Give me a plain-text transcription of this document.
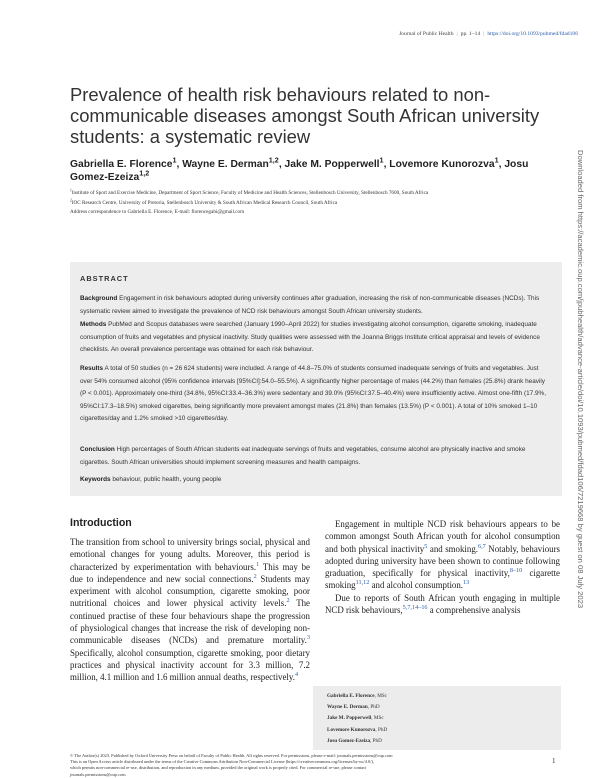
Journal of Public Health | pp. 1–14 | https://doi.org/10.1093/pubmed/fdad106
Prevalence of health risk behaviours related to non-communicable diseases amongst South African university students: a systematic review
Gabriella E. Florence$^1$, Wayne E. Derman$^{1,2}$, Jake M. Popperwell$^1$, Lovemore Kunorozva$^1$, Josu Gomez-Ezeiza$^{1,2}$
$^1$Institute of Sport and Exercise Medicine, Department of Sport Science, Faculty of Medicine and Health Sciences, Stellenbosch University, Stellenbosch 7600, South Africa
$^2$IOC Research Centre, University of Pretoria, Stellenbosch University & South African Medical Research Council, South Africa
Address correspondence to Gabriella E. Florence, E-mail: florencegabi@gmail.com	Downloaded from https://academic.oup.com/jpubhealth/advance-article/doi/10.1093/pubmed/fdad106/7219668 by guest on 08 July 2023
ABSTRACT
Background Engagement in risk behaviours adopted during university continues after graduation, increasing the risk of non-communicable diseases (NCDs). This systematic review aimed to investigate the prevalence of NCD risk behaviours amongst South African university students.
Methods PubMed and Scopus databases were searched (January 1990–April 2022) for studies investigating alcohol consumption, cigarette smoking, inadequate consumption of fruits and vegetables and physical inactivity. Study qualities were assessed with the Joanna Briggs Institute critical appraisal and levels of evidence checklists. An overall prevalence percentage was obtained for each risk behaviour.
Results A total of 50 studies (n = 26 624 students) were included. A range of 44.8–75.0% of students consumed inadequate servings of fruits and vegetables. Just over 54% consumed alcohol (95% confidence intervals [95%CI]:54.0–55.5%). A significantly higher percentage of males (44.2%) than females (25.8%) drank heavily (P < 0.001). Approximately one-third (34.8%, 95%CI:33.4–36.3%) were sedentary and 39.0% (95%CI:37.5–40.4%) were insufficiently active. Almost one-fifth (17.9%, 95%CI:17.3–18.5%) smoked cigarettes, being significantly more prevalent amongst males (21.8%) than females (13.5%) (P < 0.001). A total of 10% smoked 1–10 cigarettes/day and 1.2% smoked >10 cigarettes/day.
Conclusion High percentages of South African students eat inadequate servings of fruits and vegetables, consume alcohol are physically inactive and smoke cigarettes. South African universities should implement screening measures and health campaigns.
Keywords behaviour, public health, young people
Introduction
The transition from school to university brings social, physical and emotional changes for young adults. Moreover, this period is characterized by experimentation with behaviours.$^1$ This may be due to independence and new social connections.$^2$ Students may experiment with alcohol consumption, cigarette smoking, poor nutritional choices and lower physical activity levels.$^2$ The continued practise of these four behaviours shape the progression of physiological changes that increase the risk of developing non-communicable diseases (NCDs) and premature mortality.$^3$ Specifically, alcohol consumption, cigarette smoking, poor dietary practices and physical inactivity account for 3.3 million, 7.2 million, 4.1 million and 1.6 million annual deaths, respectively.$^4$

Engagement in multiple NCD risk behaviours appears to be common amongst South African youth for alcohol consumption and both physical inactivity$^5$ and smoking.$^{6,7}$ Notably, behaviours adopted during university have been shown to continue following graduation, specifically for physical inactivity,$^{8-10}$ cigarette smoking$^{11,12}$ and alcohol consumption.$^{13}$

Due to reports of South African youth engaging in multiple NCD risk behaviours,$^{5,7,14-16}$ a comprehensive analysis

Gabriella E. Florence, MSc
Wayne E. Derman, PhD
Jake M. Popperwell, MSc
Lovemore Kunorozva, PhD
Josu Gomez-Ezeiza, PhD
© The Author(s) 2023. Published by Oxford University Press on behalf of Faculty of Public Health. All rights reserved. For permissions, please e-mail: journals.permissions@oup.com
This is an Open Access article distributed under the terms of the Creative Commons Attribution Non-Commercial License (https://creativecommons.org/licenses/by-nc/4.0/),
which permits non-commercial re-use, distribution, and reproduction in any medium, provided the original work is properly cited. For commercial re-use, please contact
journals.permissions@oup.com
1
